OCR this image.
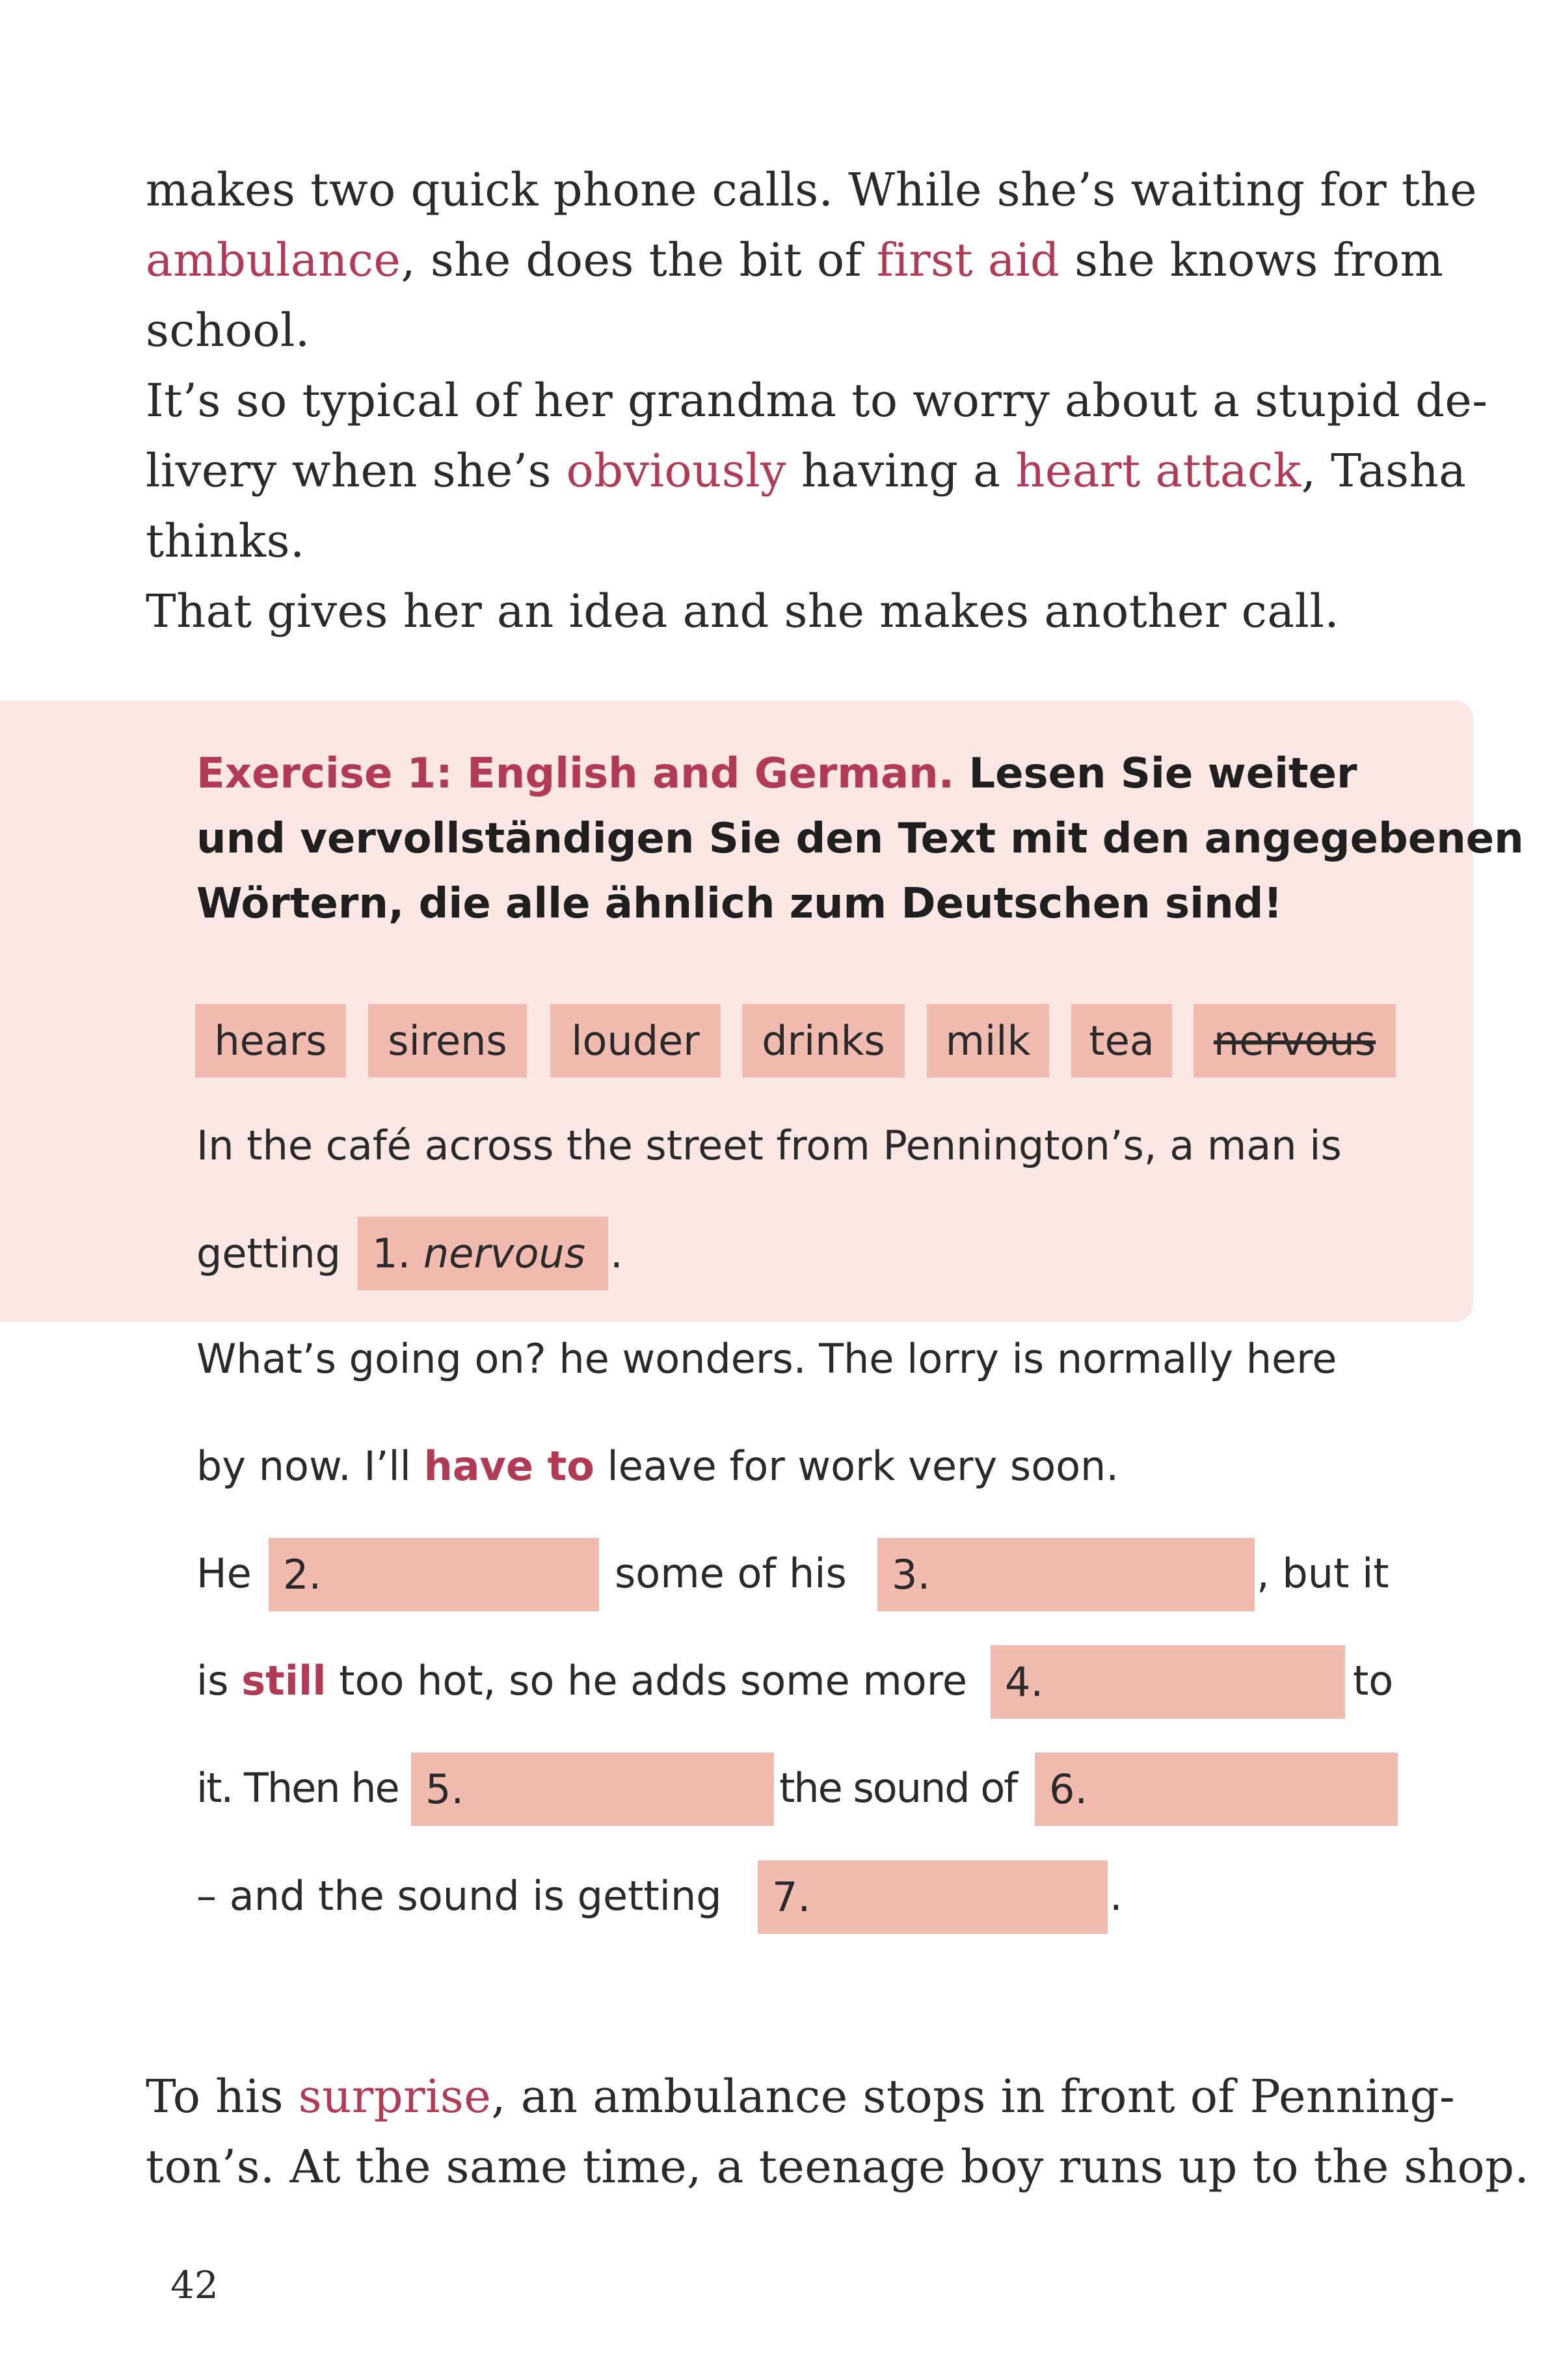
makes two quick phone calls. While she’s waiting for the
ambulance, she does the bit of first aid she knows from
school.
It’s so typical of her grandma to worry about a stupid de-
livery when she’s obviously having a heart attack, Tasha
thinks.
That gives her an idea and she makes another call.
Exercise 1: English and German. Lesen Sie weiter
und vervollständigen Sie den Text mit den angegebenen
Wörtern, die alle ähnlich zum Deutschen sind!
hears	sirens	louder	drinks	milk	tea	nervous
In the café across the street from Pennington’s, a man is
getting 1. nervous .
What’s going on? he wonders. The lorry is normally here
by now. I’ll have to leave for work very soon.
He 2.	some of his	3.	, but it
is still too hot, so he adds some more 4.	to
it. Then he 5.	the sound of 6.
– and the sound is getting	7.	.
To his surprise, an ambulance stops in front of Penning-
ton’s. At the same time, a teenage boy runs up to the shop.
42
